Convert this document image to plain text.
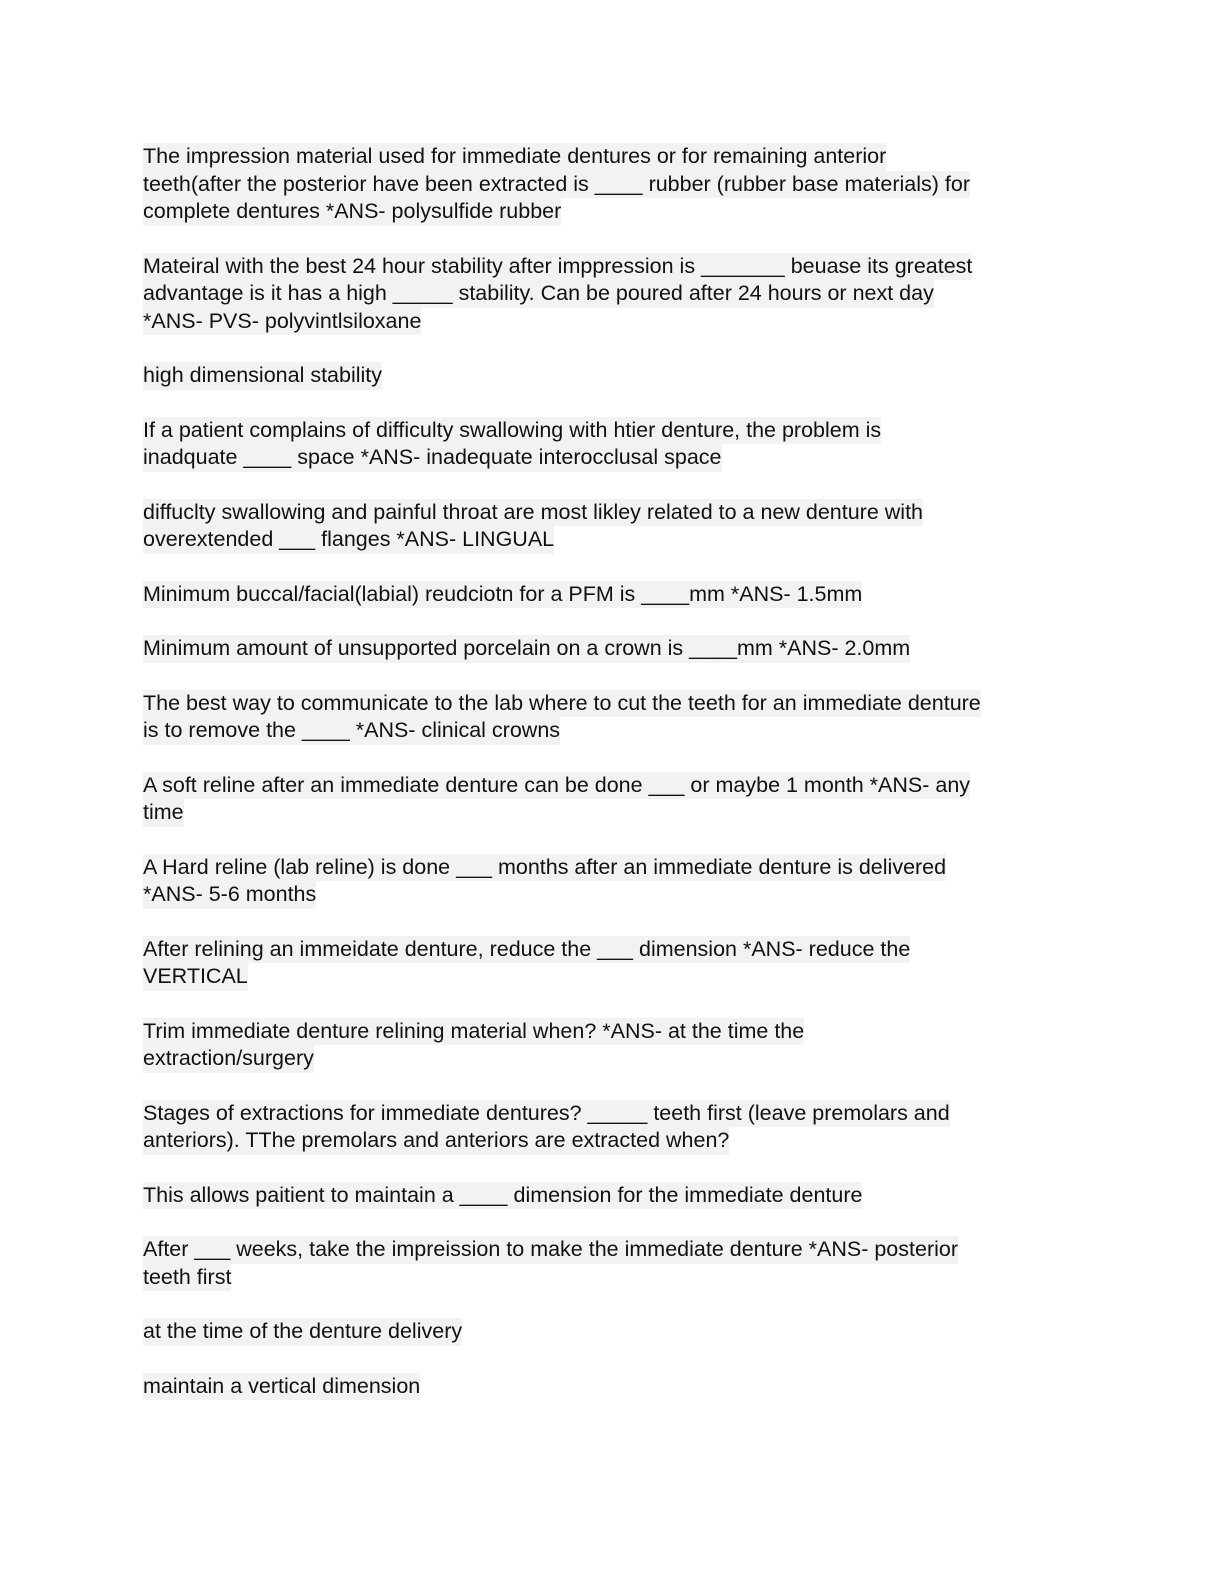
The impression material used for immediate dentures or for remaining anterior
teeth(after the posterior have been extracted is ____ rubber (rubber base materials) for
complete dentures *ANS- polysulfide rubber
Mateiral with the best 24 hour stability after imppression is _______ beuase its greatest
advantage is it has a high _____ stability. Can be poured after 24 hours or next day
*ANS- PVS- polyvintlsiloxane
high dimensional stability
If a patient complains of difficulty swallowing with htier denture, the problem is
inadquate ____ space *ANS- inadequate interocclusal space
diffuclty swallowing and painful throat are most likley related to a new denture with
overextended ___ flanges *ANS- LINGUAL
Minimum buccal/facial(labial) reudciotn for a PFM is ____mm *ANS- 1.5mm
Minimum amount of unsupported porcelain on a crown is ____mm *ANS- 2.0mm
The best way to communicate to the lab where to cut the teeth for an immediate denture
is to remove the ____ *ANS- clinical crowns
A soft reline after an immediate denture can be done ___ or maybe 1 month *ANS- any
time
A Hard reline (lab reline) is done ___ months after an immediate denture is delivered
*ANS- 5-6 months
After relining an immeidate denture, reduce the ___ dimension *ANS- reduce the
VERTICAL
Trim immediate denture relining material when? *ANS- at the time the
extraction/surgery
Stages of extractions for immediate dentures? _____ teeth first (leave premolars and
anteriors). TThe premolars and anteriors are extracted when?
This allows paitient to maintain a ____ dimension for the immediate denture
After ___ weeks, take the impreission to make the immediate denture *ANS- posterior
teeth first
at the time of the denture delivery
maintain a vertical dimension
